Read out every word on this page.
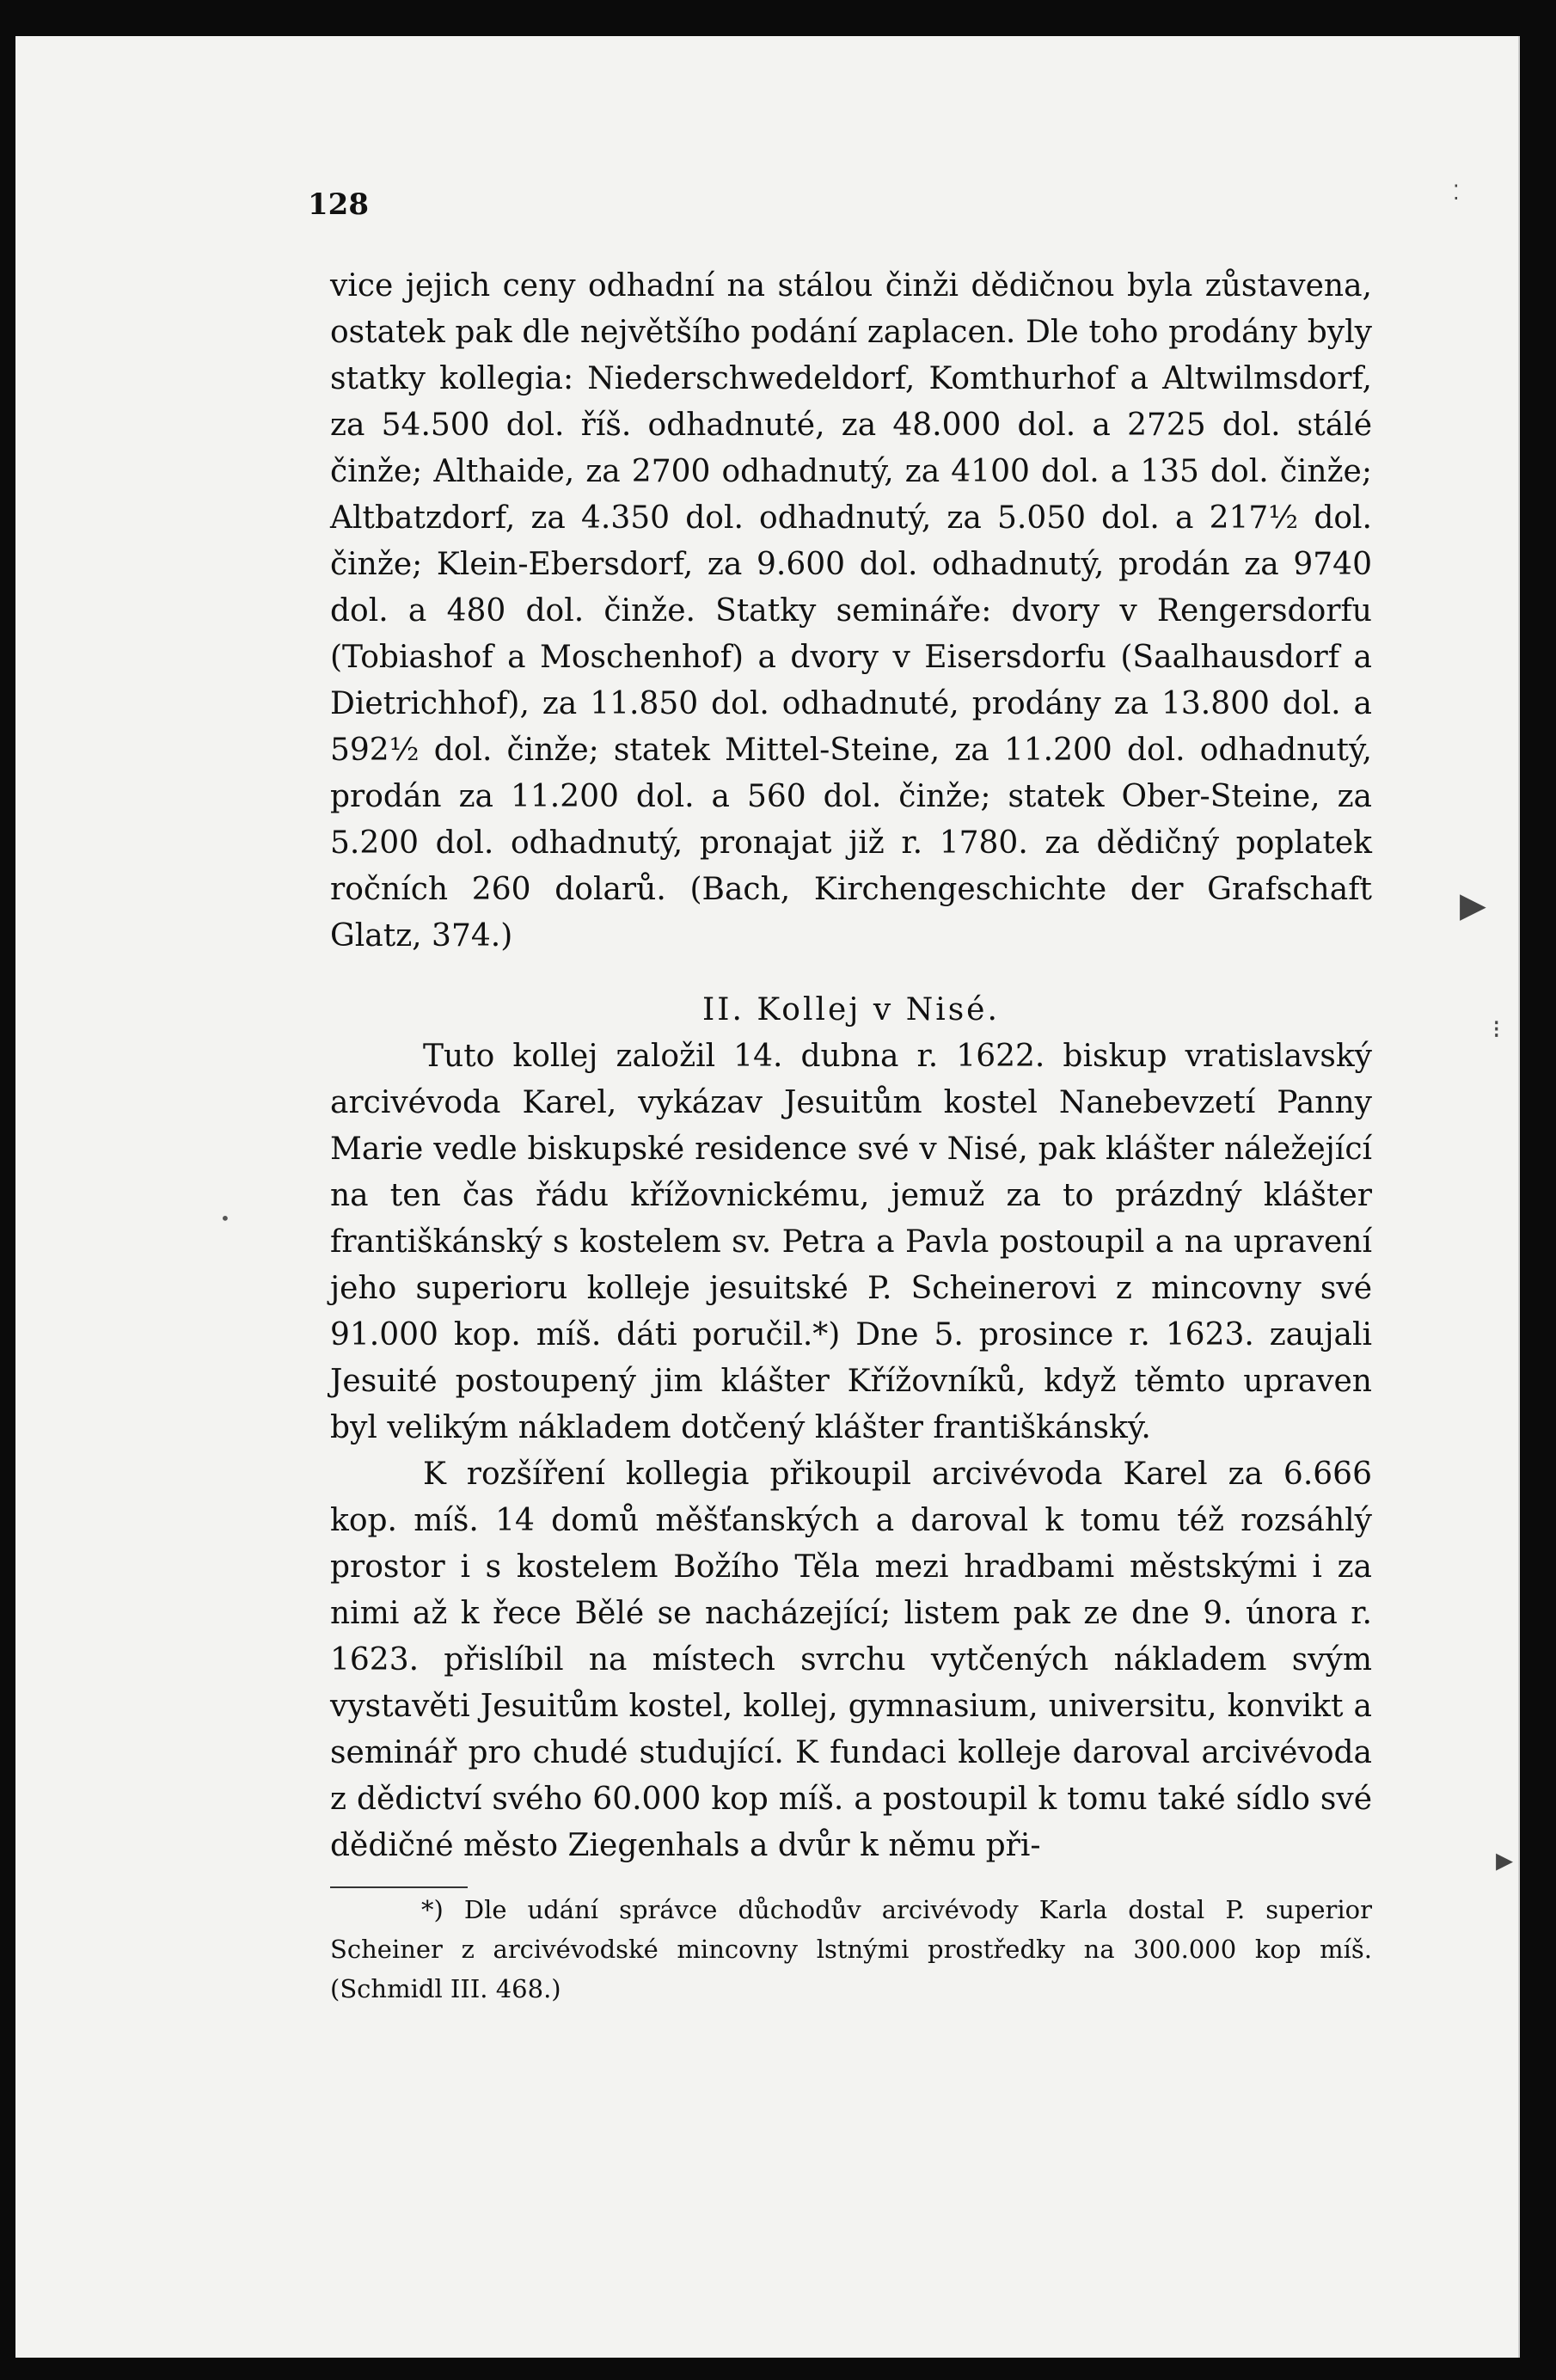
128

vice jejich ceny odhadní na stálou činži dědičnou byla zůstavena, ostatek pak dle největšího podání zaplacen. Dle toho prodány byly statky kollegia: Niederschwedeldorf, Komthurhof a Altwilmsdorf, za 54.500 dol. říš. odhadnuté, za 48.000 dol. a 2725 dol. stálé činže; Althaide, za 2700 odhadnutý, za 4100 dol. a 135 dol. činže; Altbatzdorf, za 4.350 dol. odhadnutý, za 5.050 dol. a 217½ dol. činže; Klein-Ebersdorf, za 9.600 dol. odhadnutý, prodán za 9740 dol. a 480 dol. činže. Statky semináře: dvory v Rengersdorfu (Tobiashof a Moschenhof) a dvory v Eisersdorfu (Saalhausdorf a Dietrichhof), za 11.850 dol. odhadnuté, prodány za 13.800 dol. a 592½ dol. činže; statek Mittel-Steine, za 11.200 dol. odhadnutý, prodán za 11.200 dol. a 560 dol. činže; statek Ober-Steine, za 5.200 dol. odhadnutý, pronajat již r. 1780. za dědičný poplatek ročních 260 dolarů. (Bach, Kirchengeschichte der Grafschaft Glatz, 374.)

II. Kollej v Nisé.

Tuto kollej založil 14. dubna r. 1622. biskup vratislavský arcivévoda Karel, vykázav Jesuitům kostel Nanebevzetí Panny Marie vedle biskupské residence své v Nisé, pak klášter náležející na ten čas řádu křížovnickému, jemuž za to prázdný klášter františkánský s kostelem sv. Petra a Pavla postoupil a na upravení jeho superioru kolleje jesuitské P. Scheinerovi z mincovny své 91.000 kop. míš. dáti poručil.*) Dne 5. prosince r. 1623. zaujali Jesuité postoupený jim klášter Křížovníků, když těmto upraven byl velikým nákladem dotčený klášter františkánský.

K rozšíření kollegia přikoupil arcivévoda Karel za 6.666 kop. míš. 14 domů měšťanských a daroval k tomu též rozsáhlý prostor i s kostelem Božího Těla mezi hradbami městskými i za nimi až k řece Bělé se nacházející; listem pak ze dne 9. února r. 1623. přislíbil na místech svrchu vytčených nákladem svým vystavěti Jesuitům kostel, kollej, gymnasium, universitu, konvikt a seminář pro chudé studující. K fundaci kolleje daroval arcivévoda z dědictví svého 60.000 kop míš. a postoupil k tomu také sídlo své dědičné město Ziegenhals a dvůr k němu při-

*) Dle udání správce důchodův arcivévody Karla dostal P. superior Scheiner z arcivévodské mincovny lstnými prostředky na 300.000 kop míš. (Schmidl III. 468.)
⁚
▶
⁝
▸
•
